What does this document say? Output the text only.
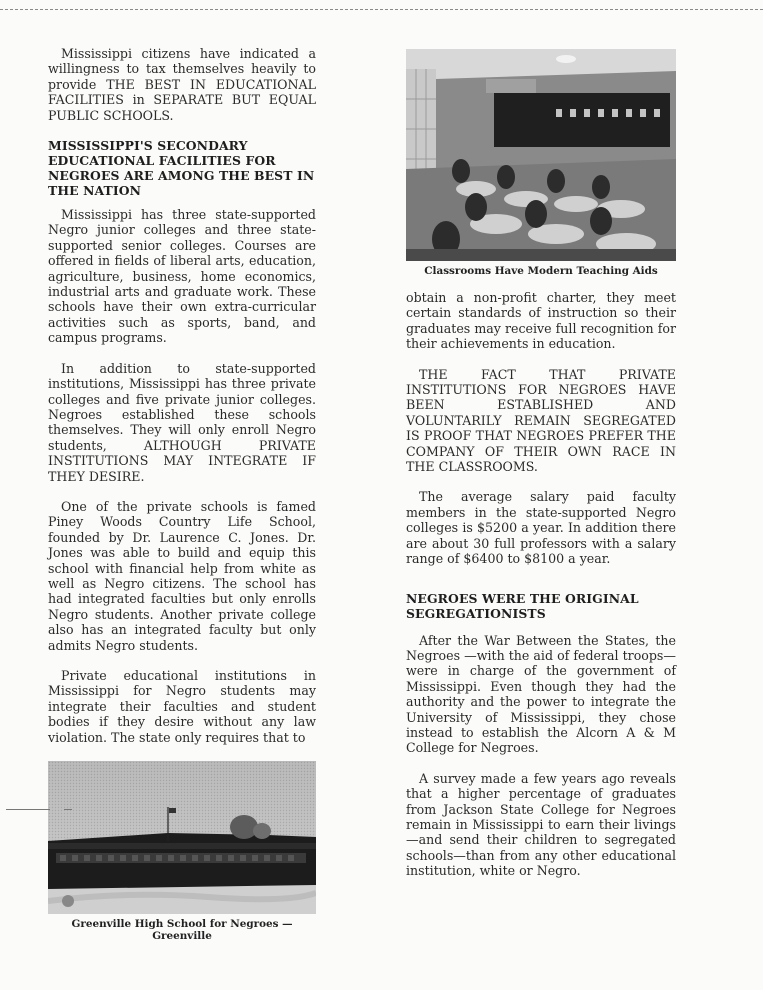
Mississippi citizens have indicated a willingness to tax themselves heavily to provide THE BEST IN EDUCATIONAL FACILITIES in SEPARATE BUT EQUAL PUBLIC SCHOOLS.

MISSISSIPPI'S SECONDARY EDUCATIONAL FACILITIES FOR NEGROES ARE AMONG THE BEST IN THE NATION

Mississippi has three state-supported Negro junior colleges and three state-supported senior colleges. Courses are offered in fields of liberal arts, education, agriculture, business, home economics, industrial arts and graduate work. These schools have their own extra-curricular activities such as sports, band, and campus programs.

In addition to state-supported institutions, Mississippi has three private colleges and five private junior colleges. Negroes established these schools themselves. They will only enroll Negro students, ALTHOUGH PRIVATE INSTITUTIONS MAY INTEGRATE IF THEY DESIRE.

One of the private schools is famed Piney Woods Country Life School, founded by Dr. Laurence C. Jones. Dr. Jones was able to build and equip this school with financial help from white as well as Negro citizens. The school has had integrated faculties but only enrolls Negro students. Another private college also has an integrated faculty but only admits Negro students.

Private educational institutions in Mississippi for Negro students may integrate their faculties and student bodies if they desire without any law violation. The state only requires that to

Greenville High School for Negroes — Greenville
Classrooms Have Modern Teaching Aids

obtain a non-profit charter, they meet certain standards of instruction so their graduates may receive full recognition for their achievements in education.

THE FACT THAT PRIVATE INSTITUTIONS FOR NEGROES HAVE BEEN ESTABLISHED AND VOLUNTARILY REMAIN SEGREGATED IS PROOF THAT NEGROES PREFER THE COMPANY OF THEIR OWN RACE IN THE CLASSROOMS.

The average salary paid faculty members in the state-supported Negro colleges is $5200 a year. In addition there are about 30 full professors with a salary range of $6400 to $8100 a year.

NEGROES WERE THE ORIGINAL SEGREGATIONISTS

After the War Between the States, the Negroes —with the aid of federal troops—were in charge of the government of Mississippi. Even though they had the authority and the power to integrate the University of Mississippi, they chose instead to establish the Alcorn A & M College for Negroes.

A survey made a few years ago reveals that a higher percentage of graduates from Jackson State College for Negroes remain in Mississippi to earn their livings—and send their children to segregated schools—than from any other educational institution, white or Negro.
